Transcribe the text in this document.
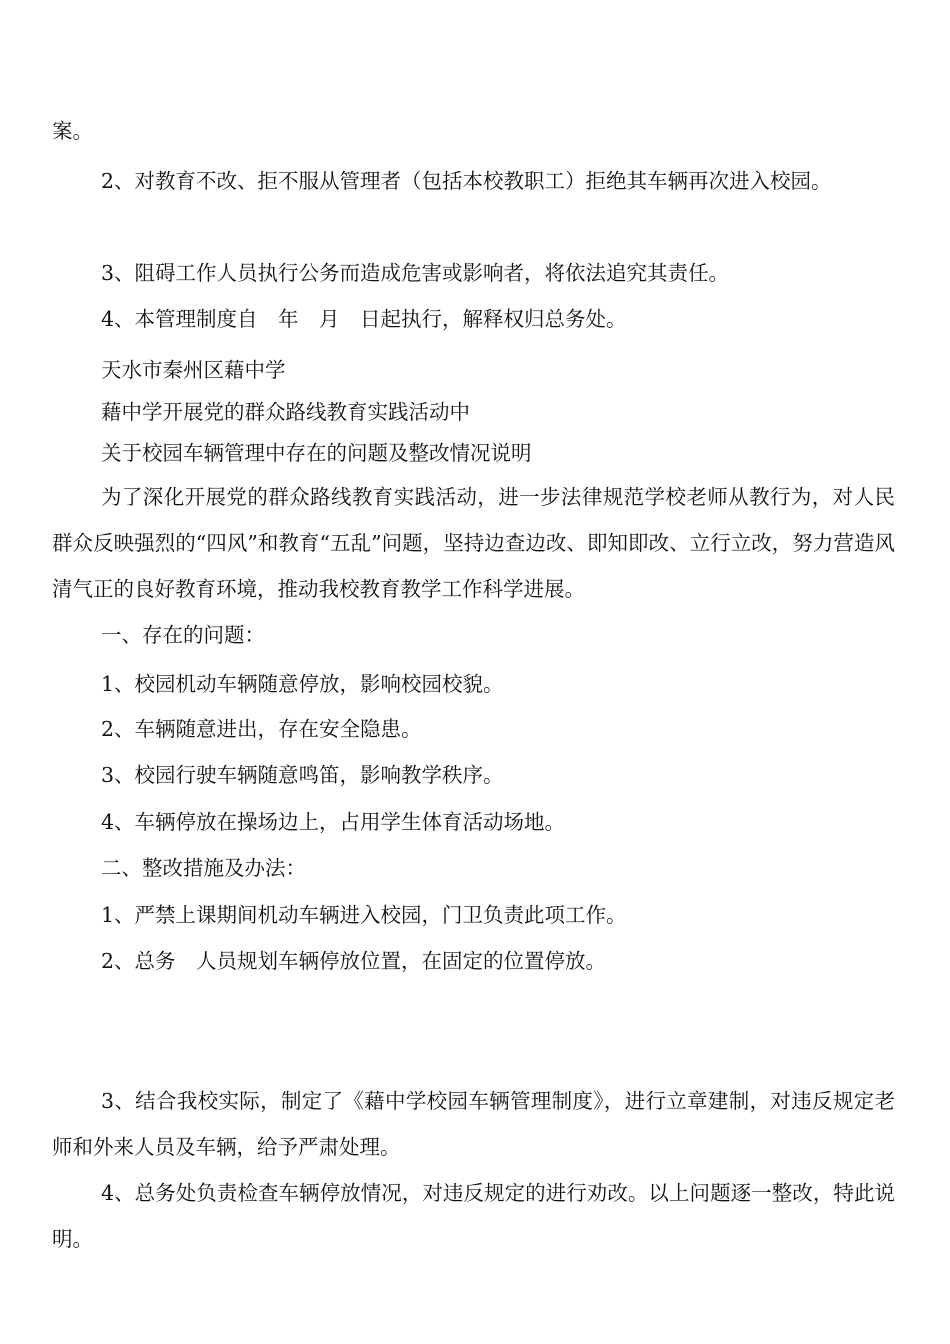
案。

2、对教育不改、拒不服从管理者（包括本校教职工）拒绝其车辆再次进入校园。

3、阻碍工作人员执行公务而造成危害或影响者，将依法追究其责任。

4、本管理制度自　年　月　日起执行，解释权归总务处。

天水市秦州区藉中学

藉中学开展党的群众路线教育实践活动中

关于校园车辆管理中存在的问题及整改情况说明

为了深化开展党的群众路线教育实践活动，进一步法律规范学校老师从教行为，对人民群众反映强烈的“四风”和教育“五乱”问题，坚持边查边改、即知即改、立行立改，努力营造风清气正的良好教育环境，推动我校教育教学工作科学进展。

一、存在的问题：

1、校园机动车辆随意停放，影响校园校貌。

2、车辆随意进出，存在安全隐患。

3、校园行驶车辆随意鸣笛，影响教学秩序。

4、车辆停放在操场边上，占用学生体育活动场地。

二、整改措施及办法：

1、严禁上课期间机动车辆进入校园，门卫负责此项工作。

2、总务　人员规划车辆停放位置，在固定的位置停放。

3、结合我校实际，制定了《藉中学校园车辆管理制度》，进行立章建制，对违反规定老师和外来人员及车辆，给予严肃处理。

4、总务处负责检查车辆停放情况，对违反规定的进行劝改。以上问题逐一整改，特此说明。
